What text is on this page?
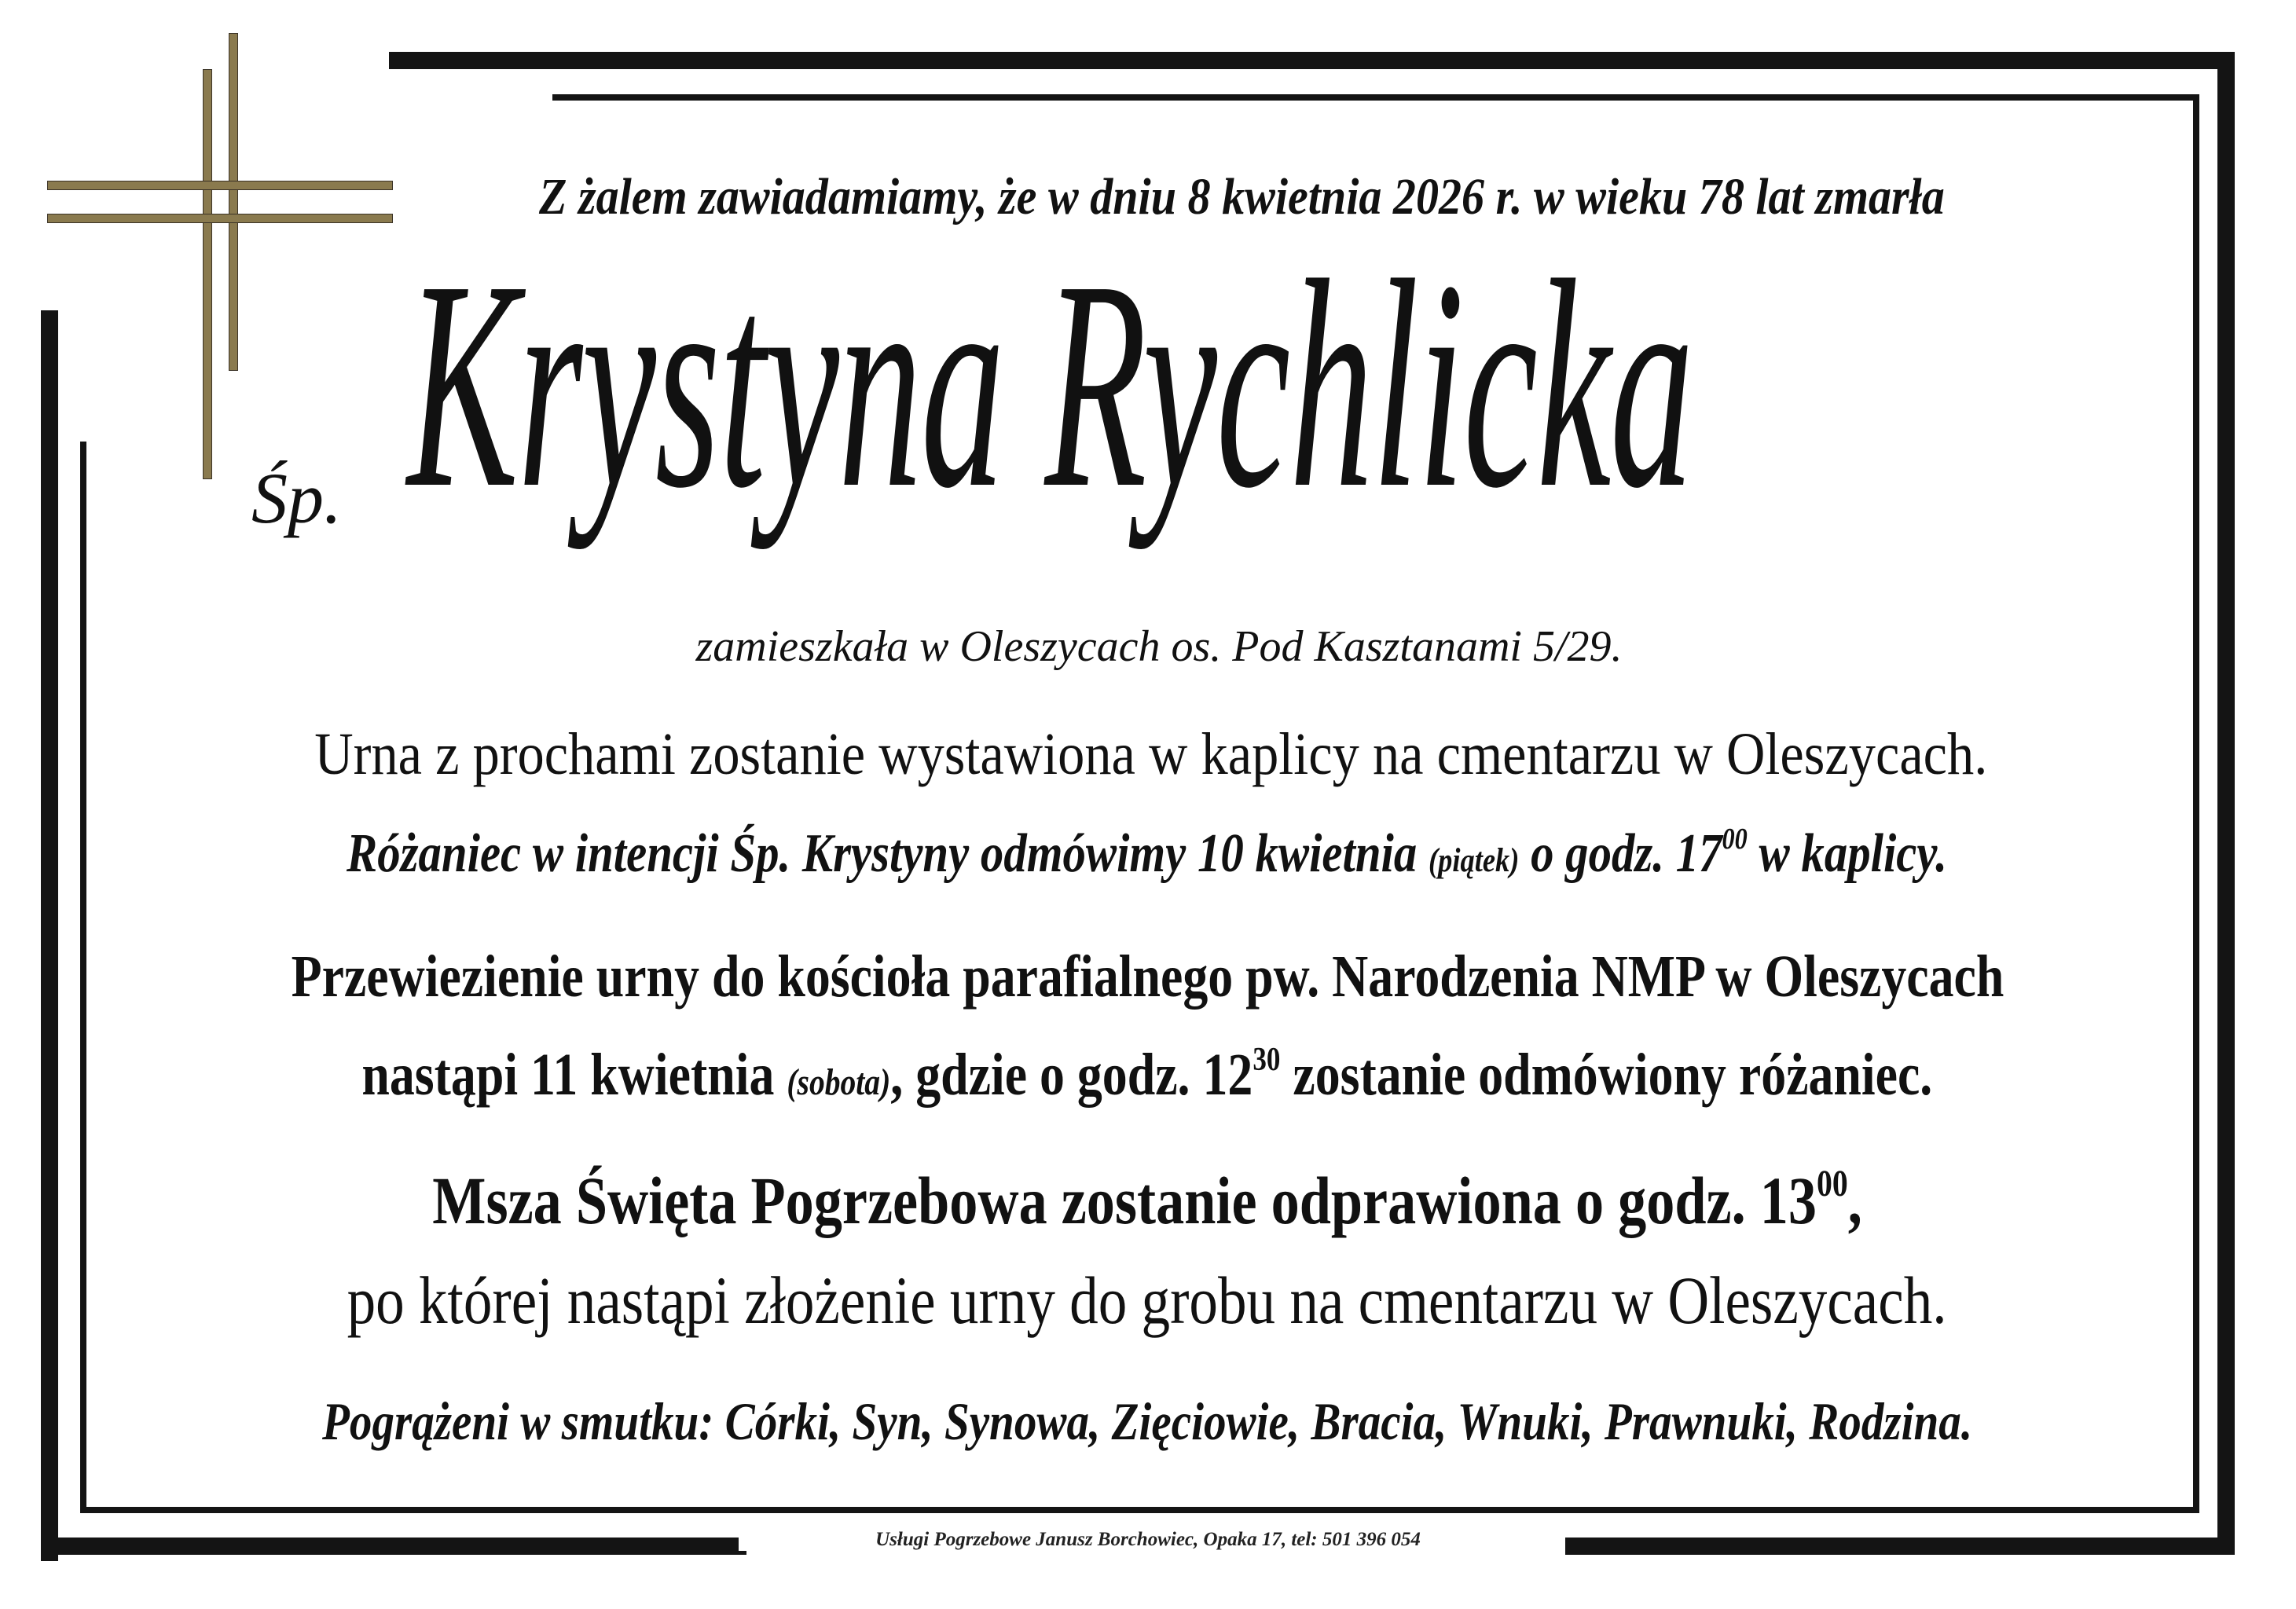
Z żalem zawiadamiamy, że w dniu 8 kwietnia 2026 r. w wieku 78 lat zmarła
Śp. Krystyna Rychlicka
zamieszkała w Oleszycach os. Pod Kasztanami 5/29.
Urna z prochami zostanie wystawiona w kaplicy na cmentarzu w Oleszycach.
Różaniec w intencji Śp. Krystyny odmówimy 10 kwietnia (piątek) o godz. $17^{00}$ w kaplicy.
Przewiezienie urny do kościoła parafialnego pw. Narodzenia NMP w Oleszycach
nastąpi 11 kwietnia (sobota), gdzie o godz. $12^{30}$ zostanie odmówiony różaniec.
Msza Święta Pogrzebowa zostanie odprawiona o godz. $13^{00}$,
po której nastąpi złożenie urny do grobu na cmentarzu w Oleszycach.
Pogrążeni w smutku: Córki, Syn, Synowa, Zięciowie, Bracia, Wnuki, Prawnuki, Rodzina.
Usługi Pogrzebowe Janusz Borchowiec, Opaka 17, tel: 501 396 054
